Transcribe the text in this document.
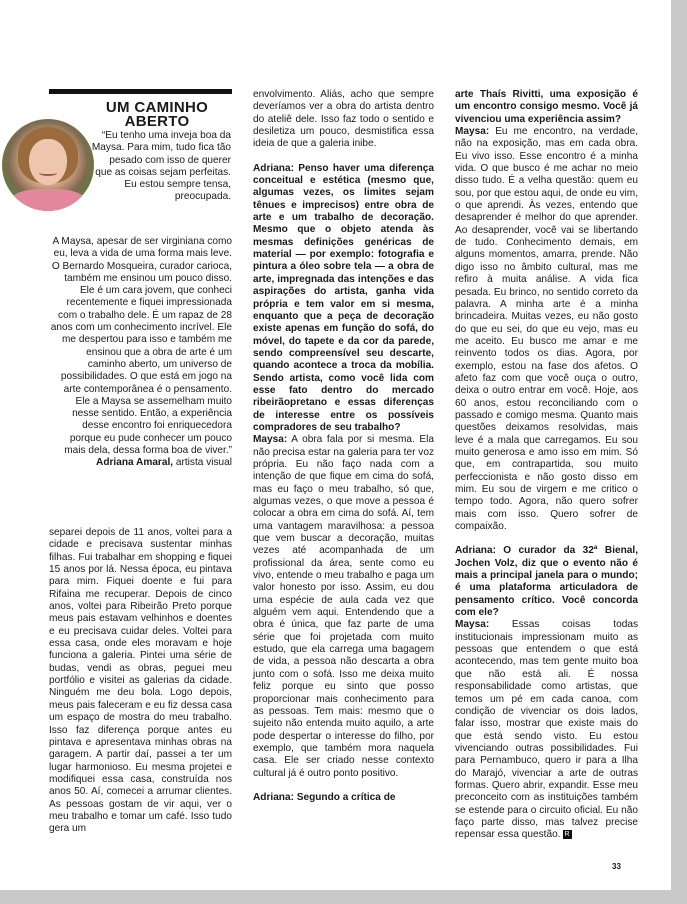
UM CAMINHO ABERTO
“Eu tenho uma inveja boa da Maysa. Para mim, tudo fica tão pesado com isso de querer que as coisas sejam perfeitas. Eu estou sempre tensa, preocupada.
A Maysa, apesar de ser virginiana como eu, leva a vida de uma forma mais leve. O Bernardo Mosqueira, curador carioca, também me ensinou um pouco disso. Ele é um cara jovem, que conheci recentemente e fiquei impressionada com o trabalho dele. É um rapaz de 28 anos com um conhecimento incrível. Ele me despertou para isso e também me ensinou que a obra de arte é um caminho aberto, um universo de possibilidades. O que está em jogo na arte contemporânea é o pensamento. Ele a Maysa se assemelham muito nesse sentido. Então, a experiência desse encontro foi enriquecedora porque eu pude conhecer um pouco mais dela, dessa forma boa de viver.”
Adriana Amaral, artista visual

separei depois de 11 anos, voltei para a cidade e precisava sustentar minhas filhas. Fui trabalhar em shopping e fiquei 15 anos por lá. Nessa época, eu pintava para mim. Fiquei doente e fui para Rifaina me recuperar. Depois de cinco anos, voltei para Ribeirão Preto porque meus pais estavam velhinhos e doentes e eu precisava cuidar deles. Voltei para essa casa, onde eles moravam e hoje funciona a galeria. Pintei uma série de budas, vendi as obras, peguei meu portfólio e visitei as galerias da cidade. Ninguém me deu bola. Logo depois, meus pais faleceram e eu fiz dessa casa um espaço de mostra do meu trabalho. Isso faz diferença porque antes eu pintava e apresentava minhas obras na garagem. A partir daí, passei a ter um lugar harmonioso. Eu mesma projetei e modifiquei essa casa, construída nos anos 50. Aí, comecei a arrumar clientes. As pessoas gostam de vir aqui, ver o meu trabalho e tomar um café. Isso tudo gera um

envolvimento. Aliás, acho que sempre deveríamos ver a obra do artista dentro do ateliê dele. Isso faz todo o sentido e desiletiza um pouco, desmistifica essa ideia de que a galeria inibe.

Adriana: Penso haver uma diferença conceitual e estética (mesmo que, algumas vezes, os limites sejam tênues e imprecisos) entre obra de arte e um trabalho de decoração. Mesmo que o objeto atenda às mesmas definições genéricas de material — por exemplo: fotografia e pintura a óleo sobre tela — a obra de arte, impregnada das intenções e das aspirações do artista, ganha vida própria e tem valor em si mesma, enquanto que a peça de decoração existe apenas em função do sofá, do móvel, do tapete e da cor da parede, sendo compreensível seu descarte, quando acontece a troca da mobília. Sendo artista, como você lida com esse fato dentro do mercado ribeirãopretano e essas diferenças de interesse entre os possíveis compradores de seu trabalho?

Maysa: A obra fala por si mesma. Ela não precisa estar na galeria para ter voz própria. Eu não faço nada com a intenção de que fique em cima do sofá, mas eu faço o meu trabalho, só que, algumas vezes, o que move a pessoa é colocar a obra em cima do sofá. Aí, tem uma vantagem maravilhosa: a pessoa que vem buscar a decoração, muitas vezes até acompanhada de um profissional da área, sente como eu vivo, entende o meu trabalho e paga um valor honesto por isso. Assim, eu dou uma espécie de aula cada vez que alguém vem aqui. Entendendo que a obra é única, que faz parte de uma série que foi projetada com muito estudo, que ela carrega uma bagagem de vida, a pessoa não descarta a obra junto com o sofá. Isso me deixa muito feliz porque eu sinto que posso proporcionar mais conhecimento para as pessoas. Tem mais: mesmo que o sujeito não entenda muito aquilo, a arte pode despertar o interesse do filho, por exemplo, que também mora naquela casa. Ele ser criado nesse contexto cultural já é outro ponto positivo.

Adriana: Segundo a crítica de

arte Thaís Rivitti, uma exposição é um encontro consigo mesmo. Você já vivenciou uma experiência assim?

Maysa: Eu me encontro, na verdade, não na exposição, mas em cada obra. Eu vivo isso. Esse encontro é a minha vida. O que busco é me achar no meio disso tudo. É a velha questão: quem eu sou, por que estou aqui, de onde eu vim, o que aprendi. Às vezes, entendo que desaprender é melhor do que aprender. Ao desaprender, você vai se libertando de tudo. Conhecimento demais, em alguns momentos, amarra, prende. Não digo isso no âmbito cultural, mas me refiro à muita análise. A vida fica pesada. Eu brinco, no sentido correto da palavra. A minha arte é a minha brincadeira. Muitas vezes, eu não gosto do que eu sei, do que eu vejo, mas eu me aceito. Eu busco me amar e me reinvento todos os dias. Agora, por exemplo, estou na fase dos afetos. O afeto faz com que você ouça o outro, deixa o outro entrar em você. Hoje, aos 60 anos, estou reconciliando com o passado e comigo mesma. Quanto mais questões deixamos resolvidas, mais leve é a mala que carregamos. Eu sou muito generosa e amo isso em mim. Só que, em contrapartida, sou muito perfeccionista e não gosto disso em mim. Eu sou de virgem e me critico o tempo todo. Agora, não quero sofrer mais com isso. Quero sofrer de compaixão.

Adriana: O curador da 32ª Bienal, Jochen Volz, diz que o evento não é mais a principal janela para o mundo; é uma plataforma articuladora de pensamento crítico. Você concorda com ele?

Maysa: Essas coisas todas institucionais impressionam muito as pessoas que entendem o que está acontecendo, mas tem gente muito boa que não está ali. É nossa responsabilidade como artistas, que temos um pé em cada canoa, com condição de vivenciar os dois lados, falar isso, mostrar que existe mais do que está sendo visto. Eu estou vivenciando outras possibilidades. Fui para Pernambuco, quero ir para a Ilha do Marajó, vivenciar a arte de outras formas. Quero abrir, expandir. Esse meu preconceito com as instituições também se estende para o circuito oficial. Eu não faço parte disso, mas talvez precise repensar essa questão. R

33
